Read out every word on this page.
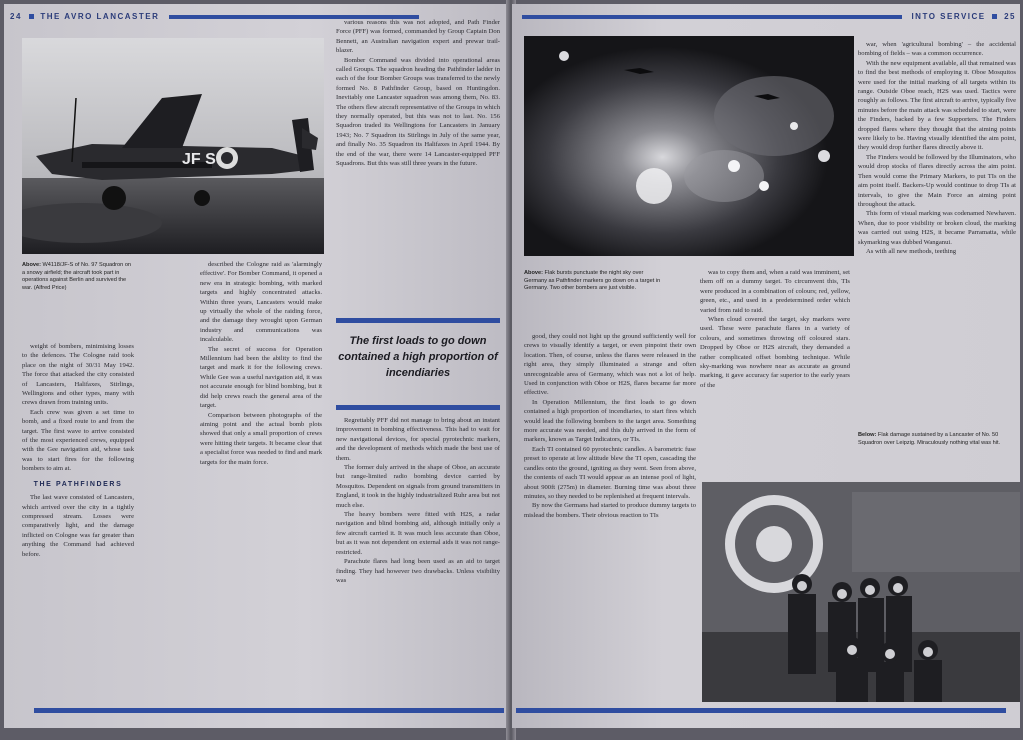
24 THE AVRO LANCASTER
JF S
Above: W4118/JF-S of No. 97 Squadron on a snowy airfield; the aircraft took part in operations against Berlin and survived the war. (Alfred Price)

weight of bombers, minimising losses to the defences. The Cologne raid took place on the night of 30/31 May 1942. The force that attacked the city consisted of Lancasters, Halifaxes, Stirlings, Wellingtons and other types, many with crews drawn from training units.

Each crew was given a set time to bomb, and a fixed route to and from the target. The first wave to arrive consisted of the most experienced crews, equipped with the Gee navigation aid, whose task was to start fires for the following bombers to aim at.

THE PATHFINDERS

The last wave consisted of Lancasters, which arrived over the city in a tightly compressed stream. Losses were comparatively light, and the damage inflicted on Cologne was far greater than anything the Command had achieved before.

described the Cologne raid as 'alarmingly effective'. For Bomber Command, it opened a new era in strategic bombing, with marked targets and highly concentrated attacks. Within three years, Lancasters would make up virtually the whole of the raiding force, and the damage they wrought upon German industry and communications was incalculable.

The secret of success for Operation Millennium had been the ability to find the target and mark it for the following crews. While Gee was a useful navigation aid, it was not accurate enough for blind bombing, but it did help crews reach the general area of the target.

Comparison between photographs of the aiming point and the actual bomb plots showed that only a small proportion of crews were hitting their targets. It became clear that a specialist force was needed to find and mark targets for the main force.

various reasons this was not adopted, and Path Finder Force (PFF) was formed, commanded by Group Captain Don Bennett, an Australian navigation expert and prewar trail-blazer.

Bomber Command was divided into operational areas called Groups. The squadron heading the Pathfinder ladder in each of the four Bomber Groups was transferred to the newly formed No. 8 Pathfinder Group, based on Huntingdon. Inevitably one Lancaster squadron was among them, No. 83. The others flew aircraft representative of the Groups in which they normally operated, but this was not to last. No. 156 Squadron traded its Wellingtons for Lancasters in January 1943; No. 7 Squadron its Stirlings in July of the same year, and finally No. 35 Squadron its Halifaxes in April 1944. By the end of the war, there were 14 Lancaster-equipped PFF Squadrons. But this was still three years in the future.

The first loads to go down contained a high proportion of incendiaries

Regrettably PFF did not manage to bring about an instant improvement in bombing effectiveness. This had to wait for new navigational devices, for special pyrotechnic markers, and the development of methods which made the best use of them.

The former duly arrived in the shape of Oboe, an accurate but range-limited radio bombing device carried by Mosquitos. Dependent on signals from ground transmitters in England, it took in the highly industrialized Ruhr area but not much else.

The heavy bombers were fitted with H2S, a radar navigation and blind bombing aid, although initially only a few aircraft carried it. It was much less accurate than Oboe, but as it was not dependent on external aids it was not range-restricted.

Parachute flares had long been used as an aid to target finding. They had however two drawbacks. Unless visibility was

INTO SERVICE 25
Above: Flak bursts punctuate the night sky over Germany as Pathfinder markers go down on a target in Germany. Two other bombers are just visible.

good, they could not light up the ground sufficiently well for crews to visually identify a target, or even pinpoint their own location. Then, of course, unless the flares were released in the right area, they simply illuminated a strange and often unrecognizable area of Germany, which was not a lot of help. Used in conjunction with Oboe or H2S, flares became far more effective.

In Operation Millennium, the first loads to go down contained a high proportion of incendiaries, to start fires which would lead the following bombers to the target area. Something more accurate was needed, and this duly arrived in the form of markers, known as Target Indicators, or TIs.

Each TI contained 60 pyrotechnic candles. A barometric fuse preset to operate at low altitude blew the TI open, cascading the candles onto the ground, igniting as they went. Seen from above, the contents of each TI would appear as an intense pool of light, about 900ft (275m) in diameter. Burning time was about three minutes, so they needed to be replenished at frequent intervals.

By now the Germans had started to produce dummy targets to mislead the bombers. Their obvious reaction to TIs

was to copy them and, when a raid was imminent, set them off on a dummy target. To circumvent this, TIs were produced in a combination of colours; red, yellow, green, etc., and used in a predetermined order which varied from raid to raid.

When cloud covered the target, sky markers were used. These were parachute flares in a variety of colours, and sometimes throwing off coloured stars. Dropped by Oboe or H2S aircraft, they demanded a rather complicated offset bombing technique. While sky-marking was nowhere near as accurate as ground marking, it gave accuracy far superior to the early years of the

war, when 'agricultural bombing' – the accidental bombing of fields – was a common occurrence.

With the new equipment available, all that remained was to find the best methods of employing it. Oboe Mosquitos were used for the initial marking of all targets within its range. Outside Oboe reach, H2S was used. Tactics were roughly as follows. The first aircraft to arrive, typically five minutes before the main attack was scheduled to start, were the Finders, backed by a few Supporters. The Finders dropped flares where they thought that the aiming points were likely to be. Having visually identified the aim point, they would drop further flares directly above it.

The Finders would be followed by the Illuminators, who would drop stocks of flares directly across the aim point. Then would come the Primary Markers, to put TIs on the aim point itself. Backers-Up would continue to drop TIs at intervals, to give the Main Force an aiming point throughout the attack.

This form of visual marking was codenamed Newhaven. When, due to poor visibility or broken cloud, the marking was carried out using H2S, it became Parramatta, while skymarking was dubbed Wanganui.

As with all new methods, teething

Below: Flak damage sustained by a Lancaster of No. 50 Squadron over Leipzig. Miraculously nothing vital was hit.
